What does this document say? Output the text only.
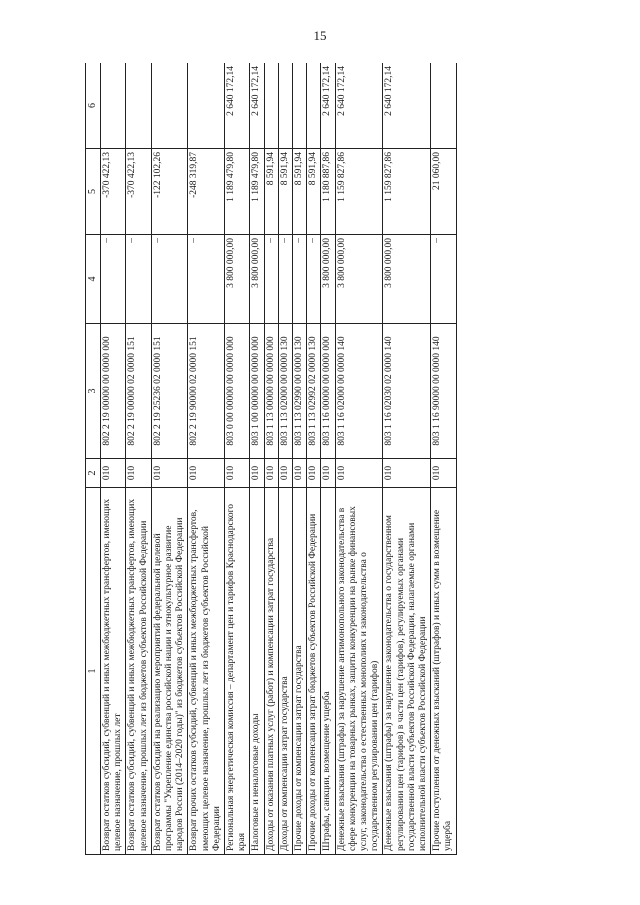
15
1	2	3	4	5	6
Возврат остатков субсидий, субвенций и иных межбюджетных трансфертов, имеющих целевое назначение, прошлых лет	010	802 2 19 00000 00 0000 000	–	-370 422,13	
Возврат остатков субсидий, субвенций и иных межбюджетных трансфертов, имеющих целевое назначение, прошлых лет из бюджетов субъектов Российской Федерации	010	802 2 19 00000 02 0000 151	–	-370 422,13	
Возврат остатков субсидий на реализацию мероприятий федеральной целевой программы "Укрепление единства российской нации и этнокультурное развитие народов России (2014–2020 годы)" из бюджетов субъектов Российской Федерации	010	802 2 19 25236 02 0000 151	–	-122 102,26	
Возврат прочих остатков субсидий, субвенций и иных межбюджетных трансфертов, имеющих целевое назначение, прошлых лет из бюджетов субъектов Российской Федерации	010	802 2 19 90000 02 0000 151	–	-248 319,87	
Региональная энергетическая комиссия – департамент цен и тарифов Краснодарского края	010	803 0 00 00000 00 0000 000	3 800 000,00	1 189 479,80	2 640 172,14
Налоговые и неналоговые доходы	010	803 1 00 00000 00 0000 000	3 800 000,00	1 189 479,80	2 640 172,14
Доходы от оказания платных услуг (работ) и компенсации затрат государства	010	803 1 13 00000 00 0000 000	–	8 591,94	
Доходы от компенсации затрат государства	010	803 1 13 02000 00 0000 130	–	8 591,94	
Прочие доходы от компенсации затрат государства	010	803 1 13 02990 00 0000 130	–	8 591,94	
Прочие доходы от компенсации затрат бюджетов субъектов Российской Федерации	010	803 1 13 02992 02 0000 130	–	8 591,94	
Штрафы, санкции, возмещение ущерба	010	803 1 16 00000 00 0000 000	3 800 000,00	1 180 887,86	2 640 172,14
Денежные взыскания (штрафы) за нарушение антимонопольного законодательства в сфере конкуренции на товарных рынках, защиты конкуренции на рынке финансовых услуг, законодательства о естественных монополиях и законодательства о государственном регулировании цен (тарифов)	010	803 1 16 02000 00 0000 140	3 800 000,00	1 159 827,86	2 640 172,14
Денежные взыскания (штрафы) за нарушение законодательства о государственном регулировании цен (тарифов) в части цен (тарифов), регулируемых органами государственной власти субъектов Российской Федерации, налагаемые органами исполнительной власти субъектов Российской Федерации	010	803 1 16 02030 02 0000 140	3 800 000,00	1 159 827,86	2 640 172,14
Прочие поступления от денежных взысканий (штрафов) и иных сумм в возмещение ущерба	010	803 1 16 90000 00 0000 140	–	21 060,00	
